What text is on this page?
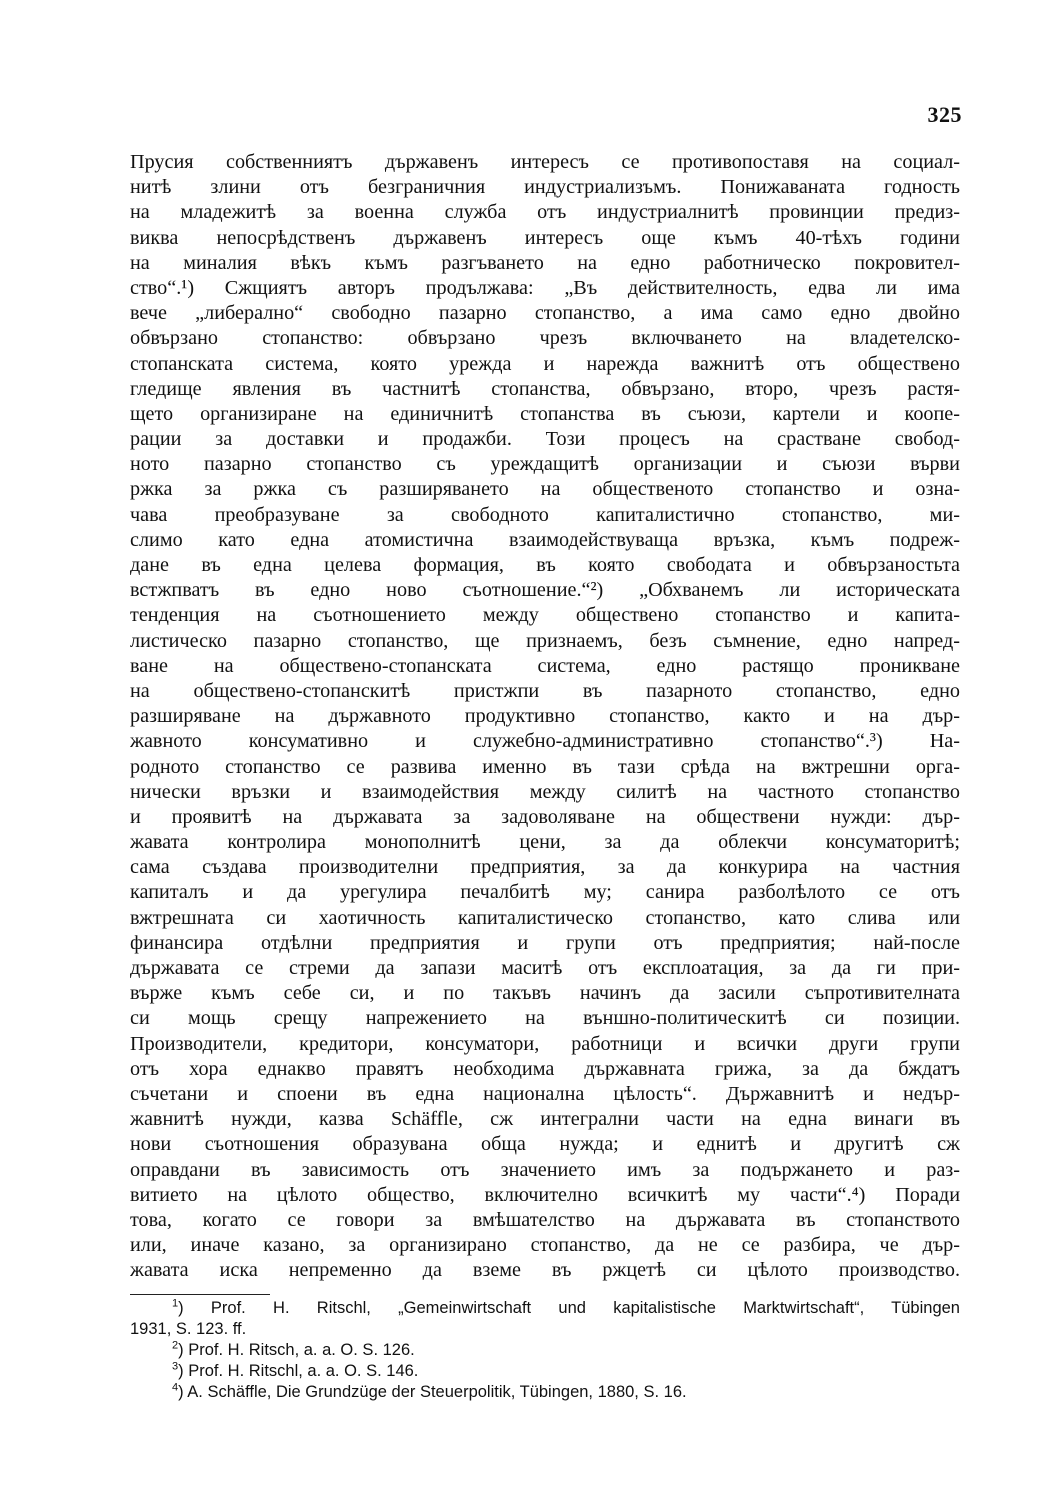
325
Прусия собственниятъ държавенъ интересъ се противопоставя на социал-
нитѣ злини отъ безграничния индустриализъмъ. Понижаваната годность
на младежитѣ за военна служба отъ индустриалнитѣ провинции предиз-
виква непосрѣдственъ държавенъ интересъ още къмъ 40-тѣхъ години
на миналия вѣкъ къмъ разгъването на едно работническо покровител-
ство“.¹) Сжщиятъ авторъ продължава: „Въ действителность, едва ли има
вече „либерално“ свободно пазарно стопанство, а има само едно двойно
обвързано стопанство: обвързано чрезъ включването на владетелско-
стопанската система, която урежда и нарежда важнитѣ отъ обществено
гледище явления въ частнитѣ стопанства, обвързано, второ, чрезъ растя-
щето организиране на единичнитѣ стопанства въ съюзи, картели и коопе-
рации за доставки и продажби. Този процесъ на срастване свобод-
ното пазарно стопанство съ уреждащитѣ организации и съюзи върви
ржка за ржка съ разширяването на общественото стопанство и озна-
чава преобразуване за свободното капиталистично стопанство, ми-
слимо като една атомистична взаимодействуваща връзка, къмъ подреж-
дане въ една целева формация, въ която свободата и обвързаностьта
встжпватъ въ едно ново съотношение.“²) „Обхванемъ ли историческата
тенденция на съотношението между обществено стопанство и капита-
листическо пазарно стопанство, ще признаемъ, безъ съмнение, едно напред-
ване на обществено-стопанската система, едно растящо проникване
на обществено-стопанскитѣ пристжпи въ пазарното стопанство, едно
разширяване на държавното продуктивно стопанство, както и на дър-
жавното консумативно и служебно-административно стопанство“.³) На-
родното стопанство се развива именно въ тази срѣда на вжтрешни орга-
нически връзки и взаимодействия между силитѣ на частното стопанство
и проявитѣ на държавата за задоволяване на обществени нужди: дър-
жавата контролира монополнитѣ цени, за да облекчи консуматоритѣ;
сама създава производителни предприятия, за да конкурира на частния
капиталъ и да урегулира печалбитѣ му; санира разболѣлото се отъ
вжтрешната си хаотичность капиталистическо стопанство, като слива или
финансира отдѣлни предприятия и групи отъ предприятия; най-после
държавата се стреми да запази маситѣ отъ експлоатация, за да ги при-
върже къмъ себе си, и по такъвъ начинъ да засили съпротивителната
си мощь срещу напрежението на външно-политическитѣ си позиции.
Производители, кредитори, консуматори, работници и всички други групи
отъ хора еднакво правятъ необходима държавната грижа, за да бждатъ
съчетани и споени въ една национална цѣлость“. Държавнитѣ и недър-
жавнитѣ нужди, казва Schäffle, сж интегрални части на една винаги въ
нови съотношения образувана обща нужда; и еднитѣ и другитѣ сж
оправдани въ зависимость отъ значението имъ за подържането и раз-
витието на цѣлото общество, включително всичкитѣ му части“.⁴) Поради
това, когато се говори за вмѣшателство на държавата въ стопанството
или, иначе казано, за организирано стопанство, да не се разбира, че дър-
жавата иска непременно да вземе въ ржцетѣ си цѣлото производство.
$^1$) Prof. H. Ritschl, „Gemeinwirtschaft und kapitalistische Marktwirtschaft“, Tübingen
1931, S. 123. ff.
$^2$) Prof. H. Ritsch, a. a. O. S. 126.
$^3$) Prof. H. Ritschl, a. a. O. S. 146.
$^4$) A. Schäffle, Die Grundzüge der Steuerpolitik, Tübingen, 1880, S. 16.
